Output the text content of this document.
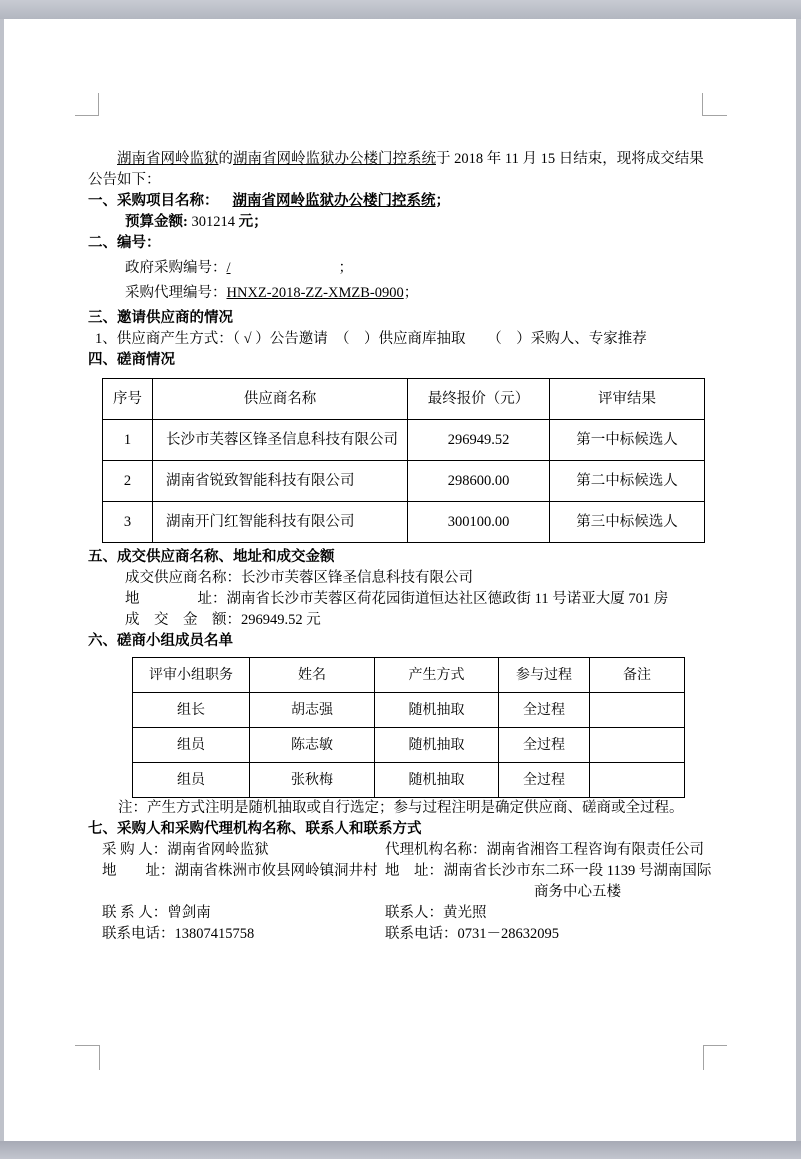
湖南省网岭监狱的湖南省网岭监狱办公楼门控系统于 2018 年 11 月 15 日结束，现将成交结果公告如下：

一、采购项目名称： 湖南省网岭监狱办公楼门控系统；

预算金额: 301214 元；

二、编号：

政府采购编号：/	；

采购代理编号：HNXZ-2018-ZZ-XMZB-0900；

三、邀请供应商的情况

1、供应商产生方式：（ √ ）公告邀请　（　）供应商库抽取　　（　）采购人、专家推荐

四、磋商情况

序号	供应商名称	最终报价（元）	评审结果
1	长沙市芙蓉区锋圣信息科技有限公司	296949.52	第一中标候选人
2	湖南省锐致智能科技有限公司	298600.00	第二中标候选人
3	湖南开门红智能科技有限公司	300100.00	第三中标候选人

五、成交供应商名称、地址和成交金额

成交供应商名称：长沙市芙蓉区锋圣信息科技有限公司

地　　　　址：湖南省长沙市芙蓉区荷花园街道恒达社区德政街 11 号诺亚大厦 701 房

成　交　金　额：296949.52 元

六、磋商小组成员名单

评审小组职务	姓名	产生方式	参与过程	备注
组长	胡志强	随机抽取	全过程	
组员	陈志敏	随机抽取	全过程	
组员	张秋梅	随机抽取	全过程	

注：产生方式注明是随机抽取或自行选定；参与过程注明是确定供应商、磋商或全过程。

七、采购人和采购代理机构名称、联系人和联系方式

采 购 人： 湖南省网岭监狱	代理机构名称： 湖南省湘咨工程咨询有限责任公司
地　　址： 湖南省株洲市攸县网岭镇洞井村 地　址： 湖南省长沙市东二环一段 1139 号湖南国际商务中心五楼
联 系 人： 曾剑南	联系人： 黄光照
联系电话： 13807415758	联系电话： 0731－28632095
